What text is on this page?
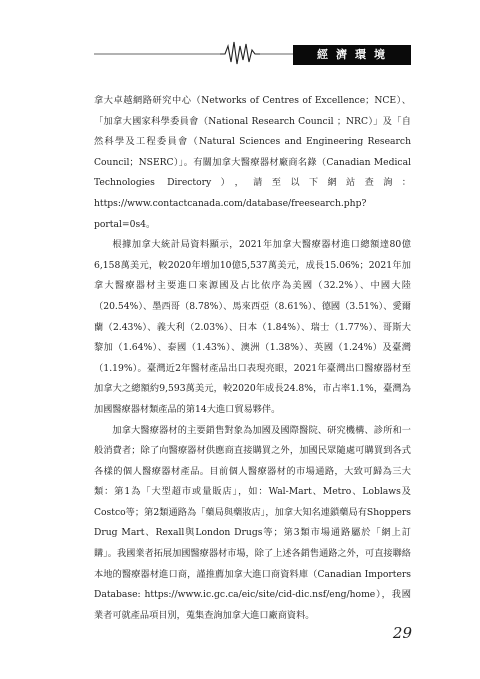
經濟環境

拿大卓越網路研究中心（Networks of Centres of Excellence；NCE）、「加拿大國家科學委員會（National Research Council ；NRC）」及「自然科學及工程委員會（Natural Sciences and Engineering Research Council；NSERC）」。有關加拿大醫療器材廠商名錄（Canadian Medical Technologies Directory），請至以下網站查詢：https://www.contactcanada.com/database/freesearch.php?portal=0s4。

根據加拿大統計局資料顯示，2021年加拿大醫療器材進口總額達80億6,158萬美元，較2020年增加10億5,537萬美元，成長15.06%；2021年加拿大醫療器材主要進口來源國及占比依序為美國（32.2%）、中國大陸（20.54%）、墨西哥（8.78%）、馬來西亞（8.61%）、德國（3.51%）、愛爾蘭（2.43%）、義大利（2.03%）、日本（1.84%）、瑞士（1.77%）、哥斯大黎加（1.64%）、泰國（1.43%）、澳洲（1.38%）、英國（1.24%）及臺灣（1.19%）。臺灣近2年醫材產品出口表現亮眼，2021年臺灣出口醫療器材至加拿大之總額約9,593萬美元，較2020年成長24.8%，市占率1.1%，臺灣為加國醫療器材類產品的第14大進口貿易夥伴。

加拿大醫療器材的主要銷售對象為加國及國際醫院、研究機構、診所和一般消費者；除了向醫療器材供應商直接購買之外，加國民眾隨處可購買到各式各樣的個人醫療器材產品。目前個人醫療器材的市場通路，大致可歸為三大類：第1為「大型超市或量販店」，如：Wal-Mart、Metro、Loblaws及Costco等；第2類通路為「藥局與藥妝店」，加拿大知名連鎖藥局有Shoppers Drug Mart、Rexall與London Drugs等；第3類市場通路屬於「網上訂購」。我國業者拓展加國醫療器材市場，除了上述各銷售通路之外，可直接聯絡本地的醫療器材進口商，謹推薦加拿大進口商資料庫（Canadian Importers Database: https://www.ic.gc.ca/eic/site/cid-dic.nsf/eng/home），我國業者可就產品項目別，蒐集查詢加拿大進口廠商資料。

29
